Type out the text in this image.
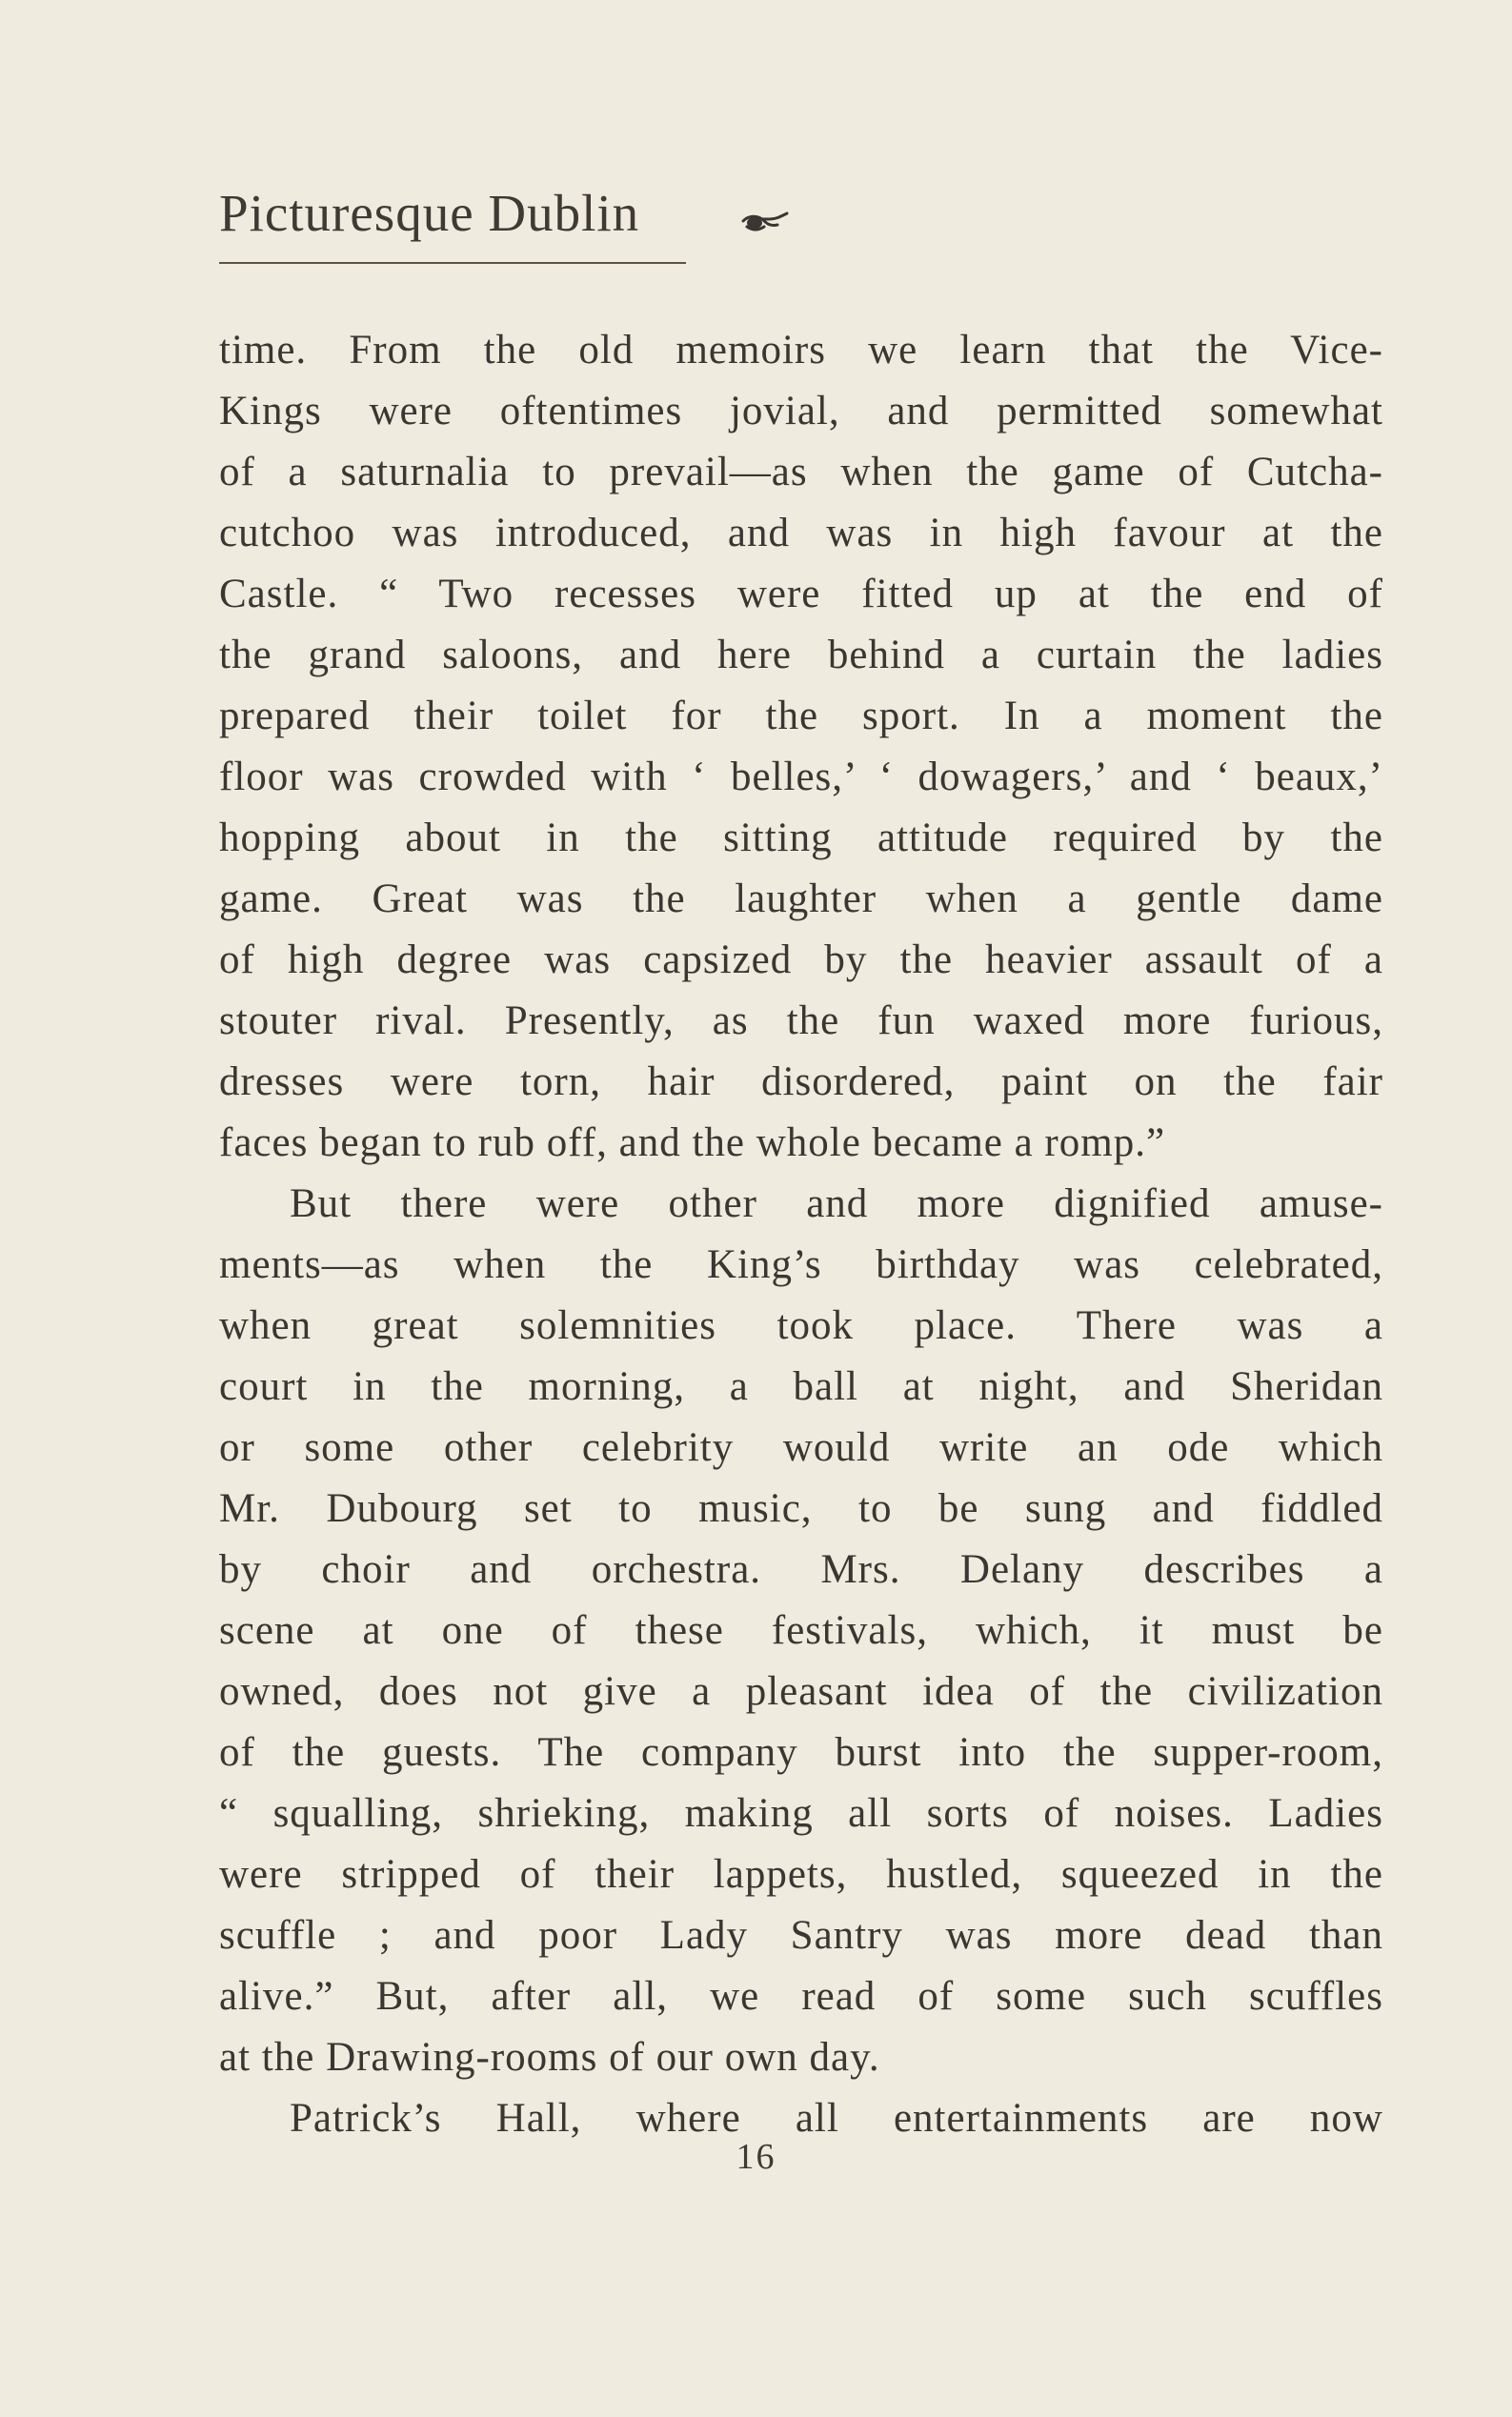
Picturesque Dublin
time. From the old memoirs we learn that the Vice-
Kings were oftentimes jovial, and permitted somewhat
of a saturnalia to prevail—as when the game of Cutcha-
cutchoo was introduced, and was in high favour at the
Castle. “ Two recesses were fitted up at the end of
the grand saloons, and here behind a curtain the ladies
prepared their toilet for the sport. In a moment the
floor was crowded with ‘ belles,’ ‘ dowagers,’ and ‘ beaux,’
hopping about in the sitting attitude required by the
game. Great was the laughter when a gentle dame
of high degree was capsized by the heavier assault of a
stouter rival. Presently, as the fun waxed more furious,
dresses were torn, hair disordered, paint on the fair
faces began to rub off, and the whole became a romp.”
But there were other and more dignified amuse-
ments—as when the King’s birthday was celebrated,
when great solemnities took place. There was a
court in the morning, a ball at night, and Sheridan
or some other celebrity would write an ode which
Mr. Dubourg set to music, to be sung and fiddled
by choir and orchestra. Mrs. Delany describes a
scene at one of these festivals, which, it must be
owned, does not give a pleasant idea of the civilization
of the guests. The company burst into the supper-room,
“ squalling, shrieking, making all sorts of noises. Ladies
were stripped of their lappets, hustled, squeezed in the
scuffle ; and poor Lady Santry was more dead than
alive.” But, after all, we read of some such scuffles
at the Drawing-rooms of our own day.
Patrick’s Hall, where all entertainments are now
16
